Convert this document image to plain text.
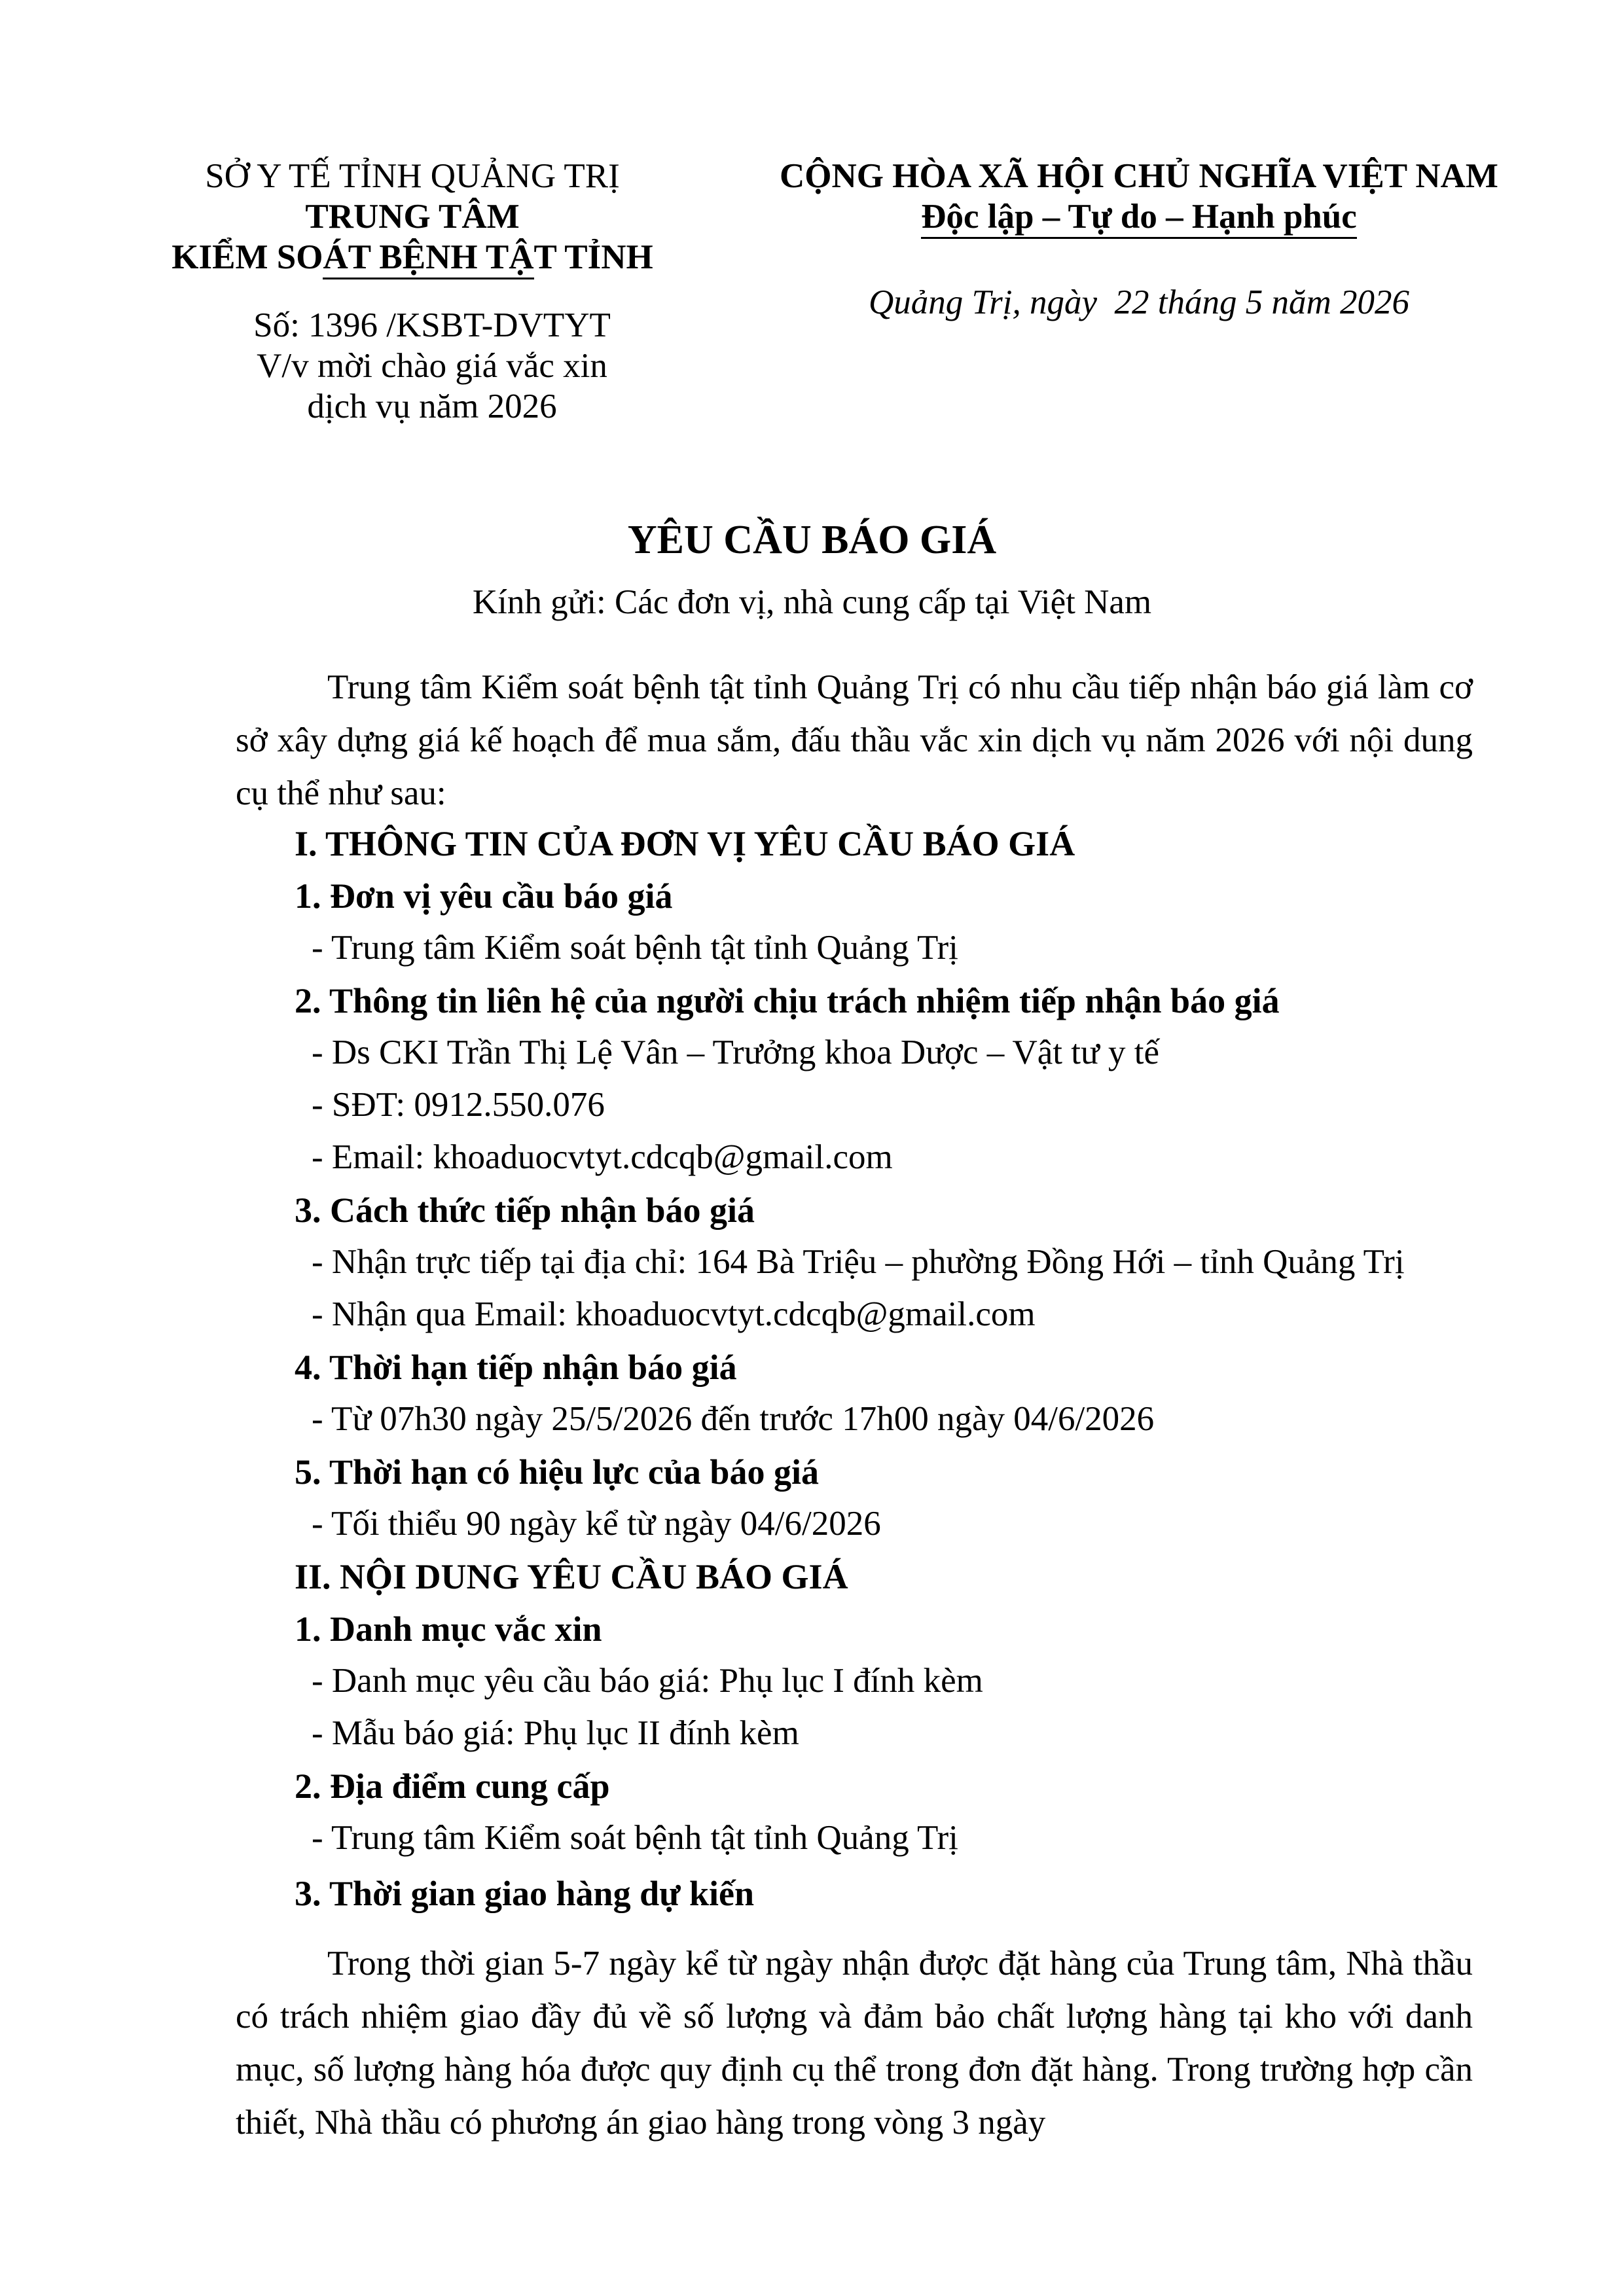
SỞ Y TẾ TỈNH QUẢNG TRỊ
TRUNG TÂM
KIỂM SOÁT BỆNH TẬT TỈNH
Số: 1396 /KSBT-DVTYT
V/v mời chào giá vắc xin
dịch vụ năm 2026
CỘNG HÒA XÃ HỘI CHỦ NGHĨA VIỆT NAM
Độc lập – Tự do – Hạnh phúc
Quảng Trị, ngày 22 tháng 5 năm 2026
YÊU CẦU BÁO GIÁ
Kính gửi: Các đơn vị, nhà cung cấp tại Việt Nam
Trung tâm Kiểm soát bệnh tật tỉnh Quảng Trị có nhu cầu tiếp nhận báo giá làm cơ sở xây dựng giá kế hoạch để mua sắm, đấu thầu vắc xin dịch vụ năm 2026 với nội dung cụ thể như sau:
I. THÔNG TIN CỦA ĐƠN VỊ YÊU CẦU BÁO GIÁ
1. Đơn vị yêu cầu báo giá
- Trung tâm Kiểm soát bệnh tật tỉnh Quảng Trị
2. Thông tin liên hệ của người chịu trách nhiệm tiếp nhận báo giá
- Ds CKI Trần Thị Lệ Vân – Trưởng khoa Dược – Vật tư y tế
- SĐT: 0912.550.076
- Email: khoaduocvtyt.cdcqb@gmail.com
3. Cách thức tiếp nhận báo giá
- Nhận trực tiếp tại địa chỉ: 164 Bà Triệu – phường Đồng Hới – tỉnh Quảng Trị
- Nhận qua Email: khoaduocvtyt.cdcqb@gmail.com
4. Thời hạn tiếp nhận báo giá
- Từ 07h30 ngày 25/5/2026 đến trước 17h00 ngày 04/6/2026
5. Thời hạn có hiệu lực của báo giá
- Tối thiểu 90 ngày kể từ ngày 04/6/2026
II. NỘI DUNG YÊU CẦU BÁO GIÁ
1. Danh mục vắc xin
- Danh mục yêu cầu báo giá: Phụ lục I đính kèm
- Mẫu báo giá: Phụ lục II đính kèm
2. Địa điểm cung cấp
- Trung tâm Kiểm soát bệnh tật tỉnh Quảng Trị
3. Thời gian giao hàng dự kiến
Trong thời gian 5-7 ngày kể từ ngày nhận được đặt hàng của Trung tâm, Nhà thầu có trách nhiệm giao đầy đủ về số lượng và đảm bảo chất lượng hàng tại kho với danh mục, số lượng hàng hóa được quy định cụ thể trong đơn đặt hàng. Trong trường hợp cần thiết, Nhà thầu có phương án giao hàng trong vòng 3 ngày
